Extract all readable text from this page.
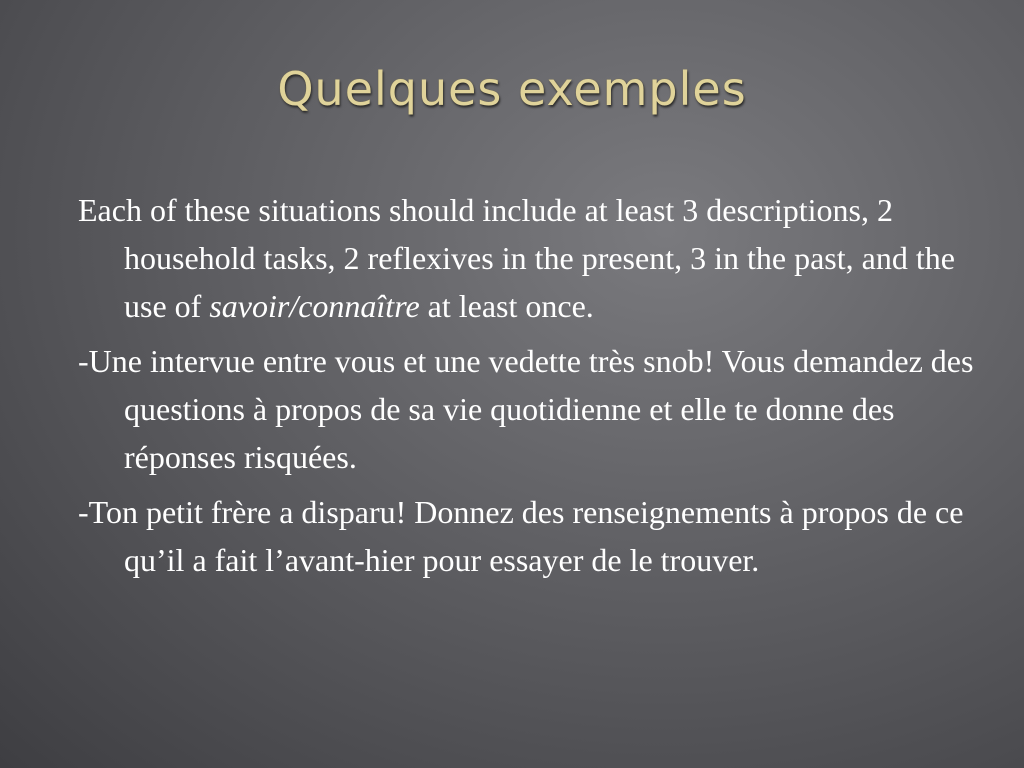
Quelques exemples

Each of these situations should include at least 3 descriptions, 2 household tasks, 2 reflexives in the present, 3 in the past, and the use of savoir/connaître at least once.

-Une intervue entre vous et une vedette très snob! Vous demandez des questions à propos de sa vie quotidienne et elle te donne des réponses risquées.

-Ton petit frère a disparu! Donnez des renseignements à propos de ce qu’il a fait l’avant-hier pour essayer de le trouver.
